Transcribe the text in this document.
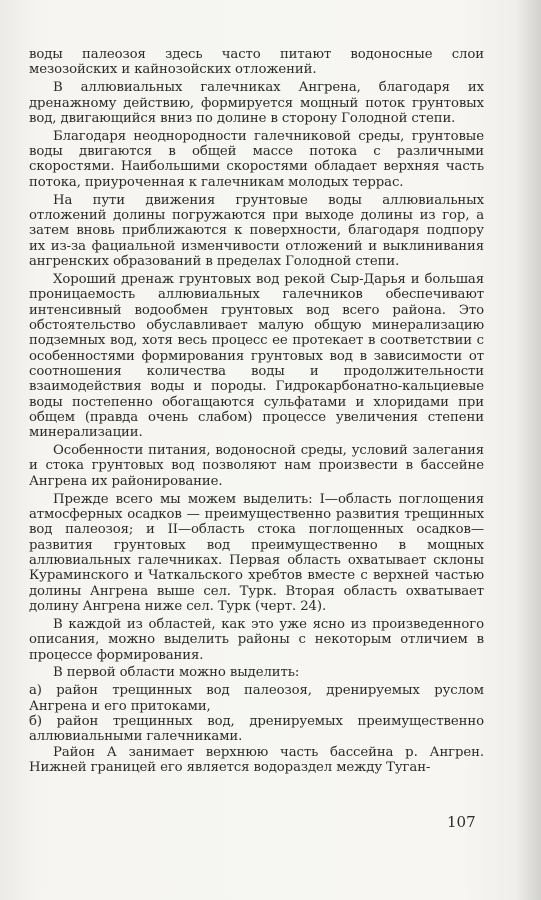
воды палеозоя здесь часто питают водоносные слои мезозойских и кайнозойских отложений.

В аллювиальных галечниках Ангрена, благодаря их дренажному действию, формируется мощный поток грунтовых вод, двигающийся вниз по долине в сторону Голодной степи.

Благодаря неоднородности галечниковой среды, грунтовые воды двигаются в общей массе потока с различными скоростями. Наибольшими скоростями обладает верхняя часть потока, приуроченная к галечникам молодых террас.

На пути движения грунтовые воды аллювиальных отложений долины погружаются при выходе долины из гор, а затем вновь приближаются к поверхности, благодаря подпору их из-за фациальной изменчивости отложений и выклинивания ангренских образований в пределах Голодной степи.

Хороший дренаж грунтовых вод рекой Сыр-Дарья и большая проницаемость аллювиальных галечников обеспечивают интенсивный водообмен грунтовых вод всего района. Это обстоятельство обуславливает малую общую минерализацию подземных вод, хотя весь процесс ее протекает в соответствии с особенностями формирования грунтовых вод в зависимости от соотношения количества воды и продолжительности взаимодействия воды и породы. Гидрокарбонатно-кальциевые воды постепенно обогащаются сульфатами и хлоридами при общем (правда очень слабом) процессе увеличения степени минерализации.

Особенности питания, водоносной среды, условий залегания и стока грунтовых вод позволяют нам произвести в бассейне Ангрена их районирование.

Прежде всего мы можем выделить: I—область поглощения атмосферных осадков — преимущественно развития трещинных вод палеозоя; и II—область стока поглощенных осадков—развития грунтовых вод преимущественно в мощных аллювиальных галечниках. Первая область охватывает склоны Кураминского и Чаткальского хребтов вместе с верхней частью долины Ангрена выше сел. Турк. Вторая область охватывает долину Ангрена ниже сел. Турк (черт. 24).

В каждой из областей, как это уже ясно из произведенного описания, можно выделить районы с некоторым отличием в процессе формирования.

В первой области можно выделить:

а) район трещинных вод палеозоя, дренируемых руслом Ангрена и его притоками,

б) район трещинных вод, дренируемых преимущественно аллювиальными галечниками.

Район А занимает верхнюю часть бассейна р. Ангрен. Нижней границей его является водораздел между Туган-

107
